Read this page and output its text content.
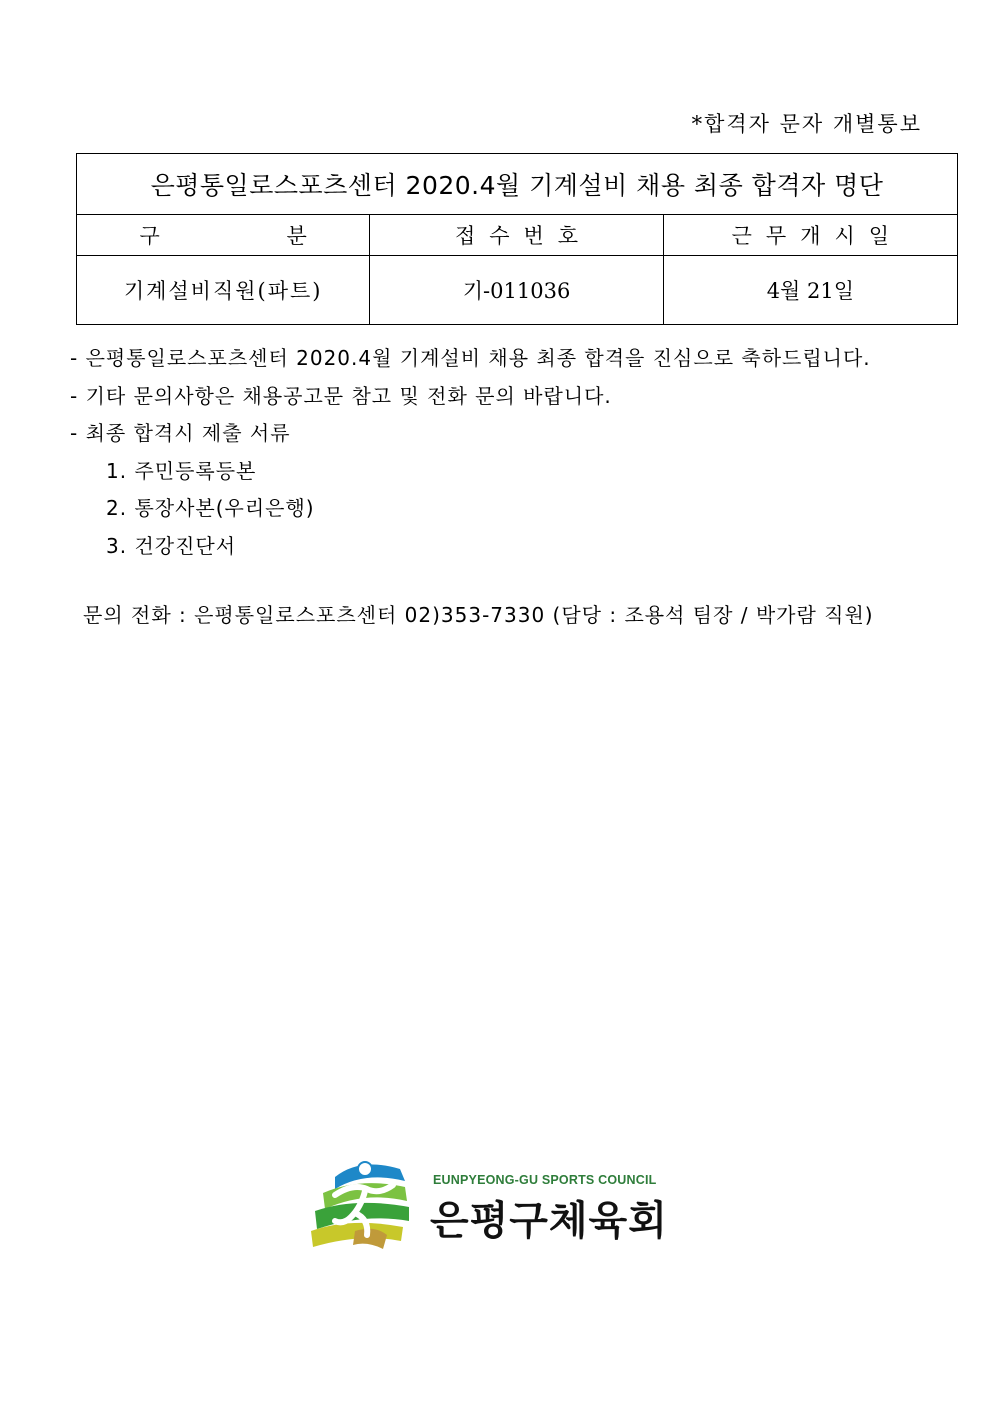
*합격자 문자 개별통보
은평통일로스포츠센터 2020.4월 기계설비 채용 최종 합격자 명단		
구 분	접수번호	근무개시일
기계설비직원(파트)	기-011036	4월 21일
- 은평통일로스포츠센터 2020.4월 기계설비 채용 최종 합격을 진심으로 축하드립니다.
- 기타 문의사항은 채용공고문 참고 및 전화 문의 바랍니다.
- 최종 합격시 제출 서류
1. 주민등록등본
2. 통장사본(우리은행)
3. 건강진단서
문의 전화 : 은평통일로스포츠센터 02)353-7330 (담당 : 조용석 팀장 / 박가람 직원)
EUNPYEONG-GU SPORTS COUNCIL
은평구체육회
